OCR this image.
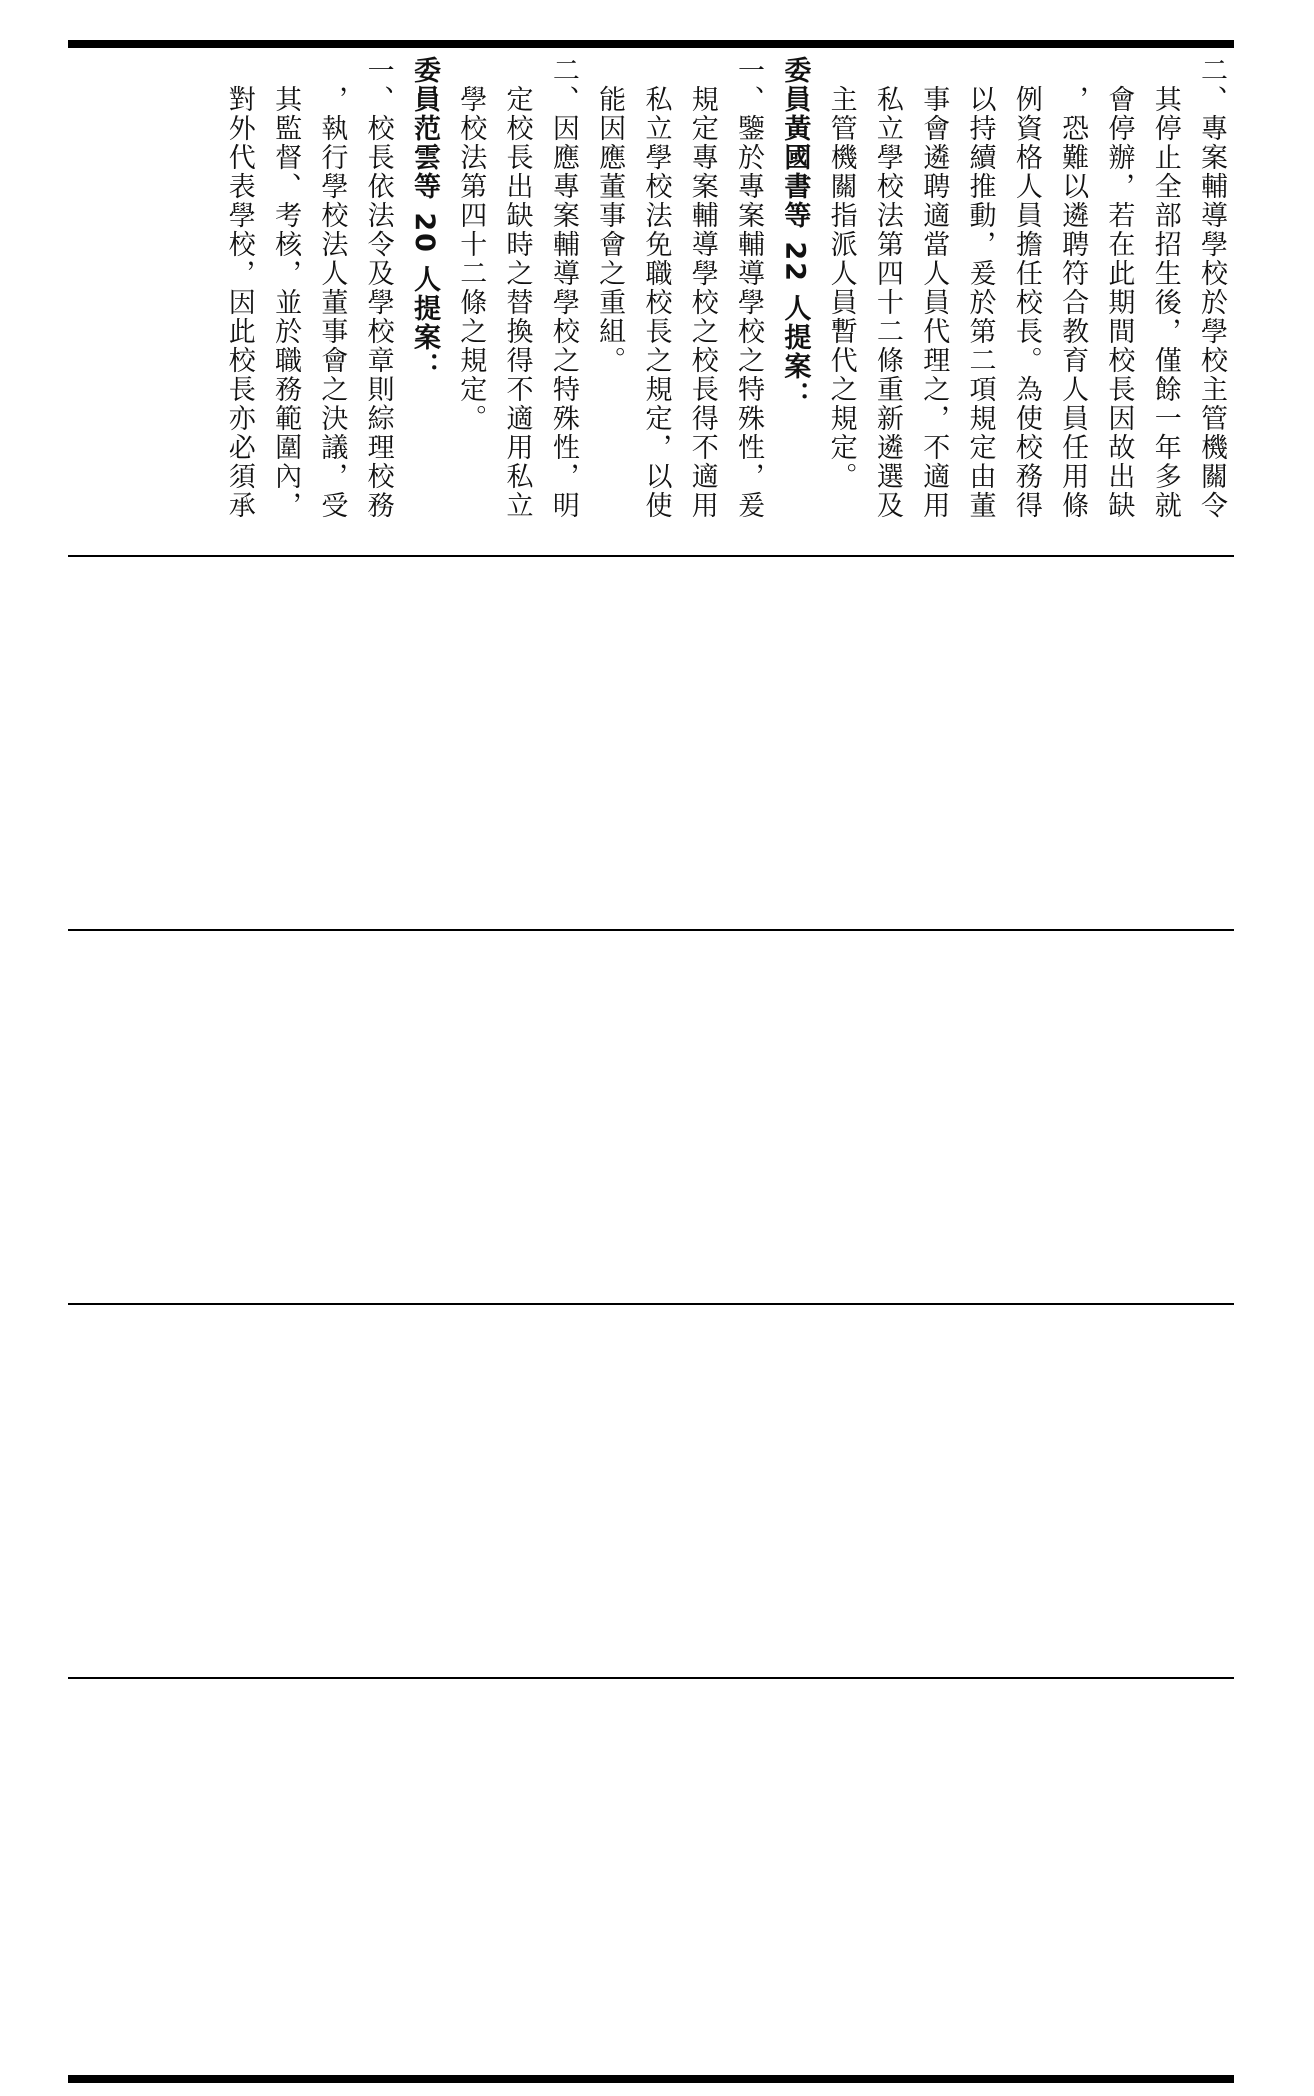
二、專案輔導學校於學校主管機關令
　其停止全部招生後，僅餘一年多就
　會停辦，若在此期間校長因故出缺
　，恐難以遴聘符合教育人員任用條
　例資格人員擔任校長。為使校務得
　以持續推動，爰於第二項規定由董
　事會遴聘適當人員代理之，不適用
　私立學校法第四十二條重新遴選及
　主管機關指派人員暫代之規定。
委員黃國書等 22 人提案：
一、鑒於專案輔導學校之特殊性，爰
　規定專案輔導學校之校長得不適用
　私立學校法免職校長之規定，以使
　能因應董事會之重組。
二、因應專案輔導學校之特殊性，明
　定校長出缺時之替換得不適用私立
　學校法第四十二條之規定。
委員范雲等 20 人提案：
一、校長依法令及學校章則綜理校務
　，執行學校法人董事會之決議，受
　其監督、考核，並於職務範圍內，
　對外代表學校，因此校長亦必須承
